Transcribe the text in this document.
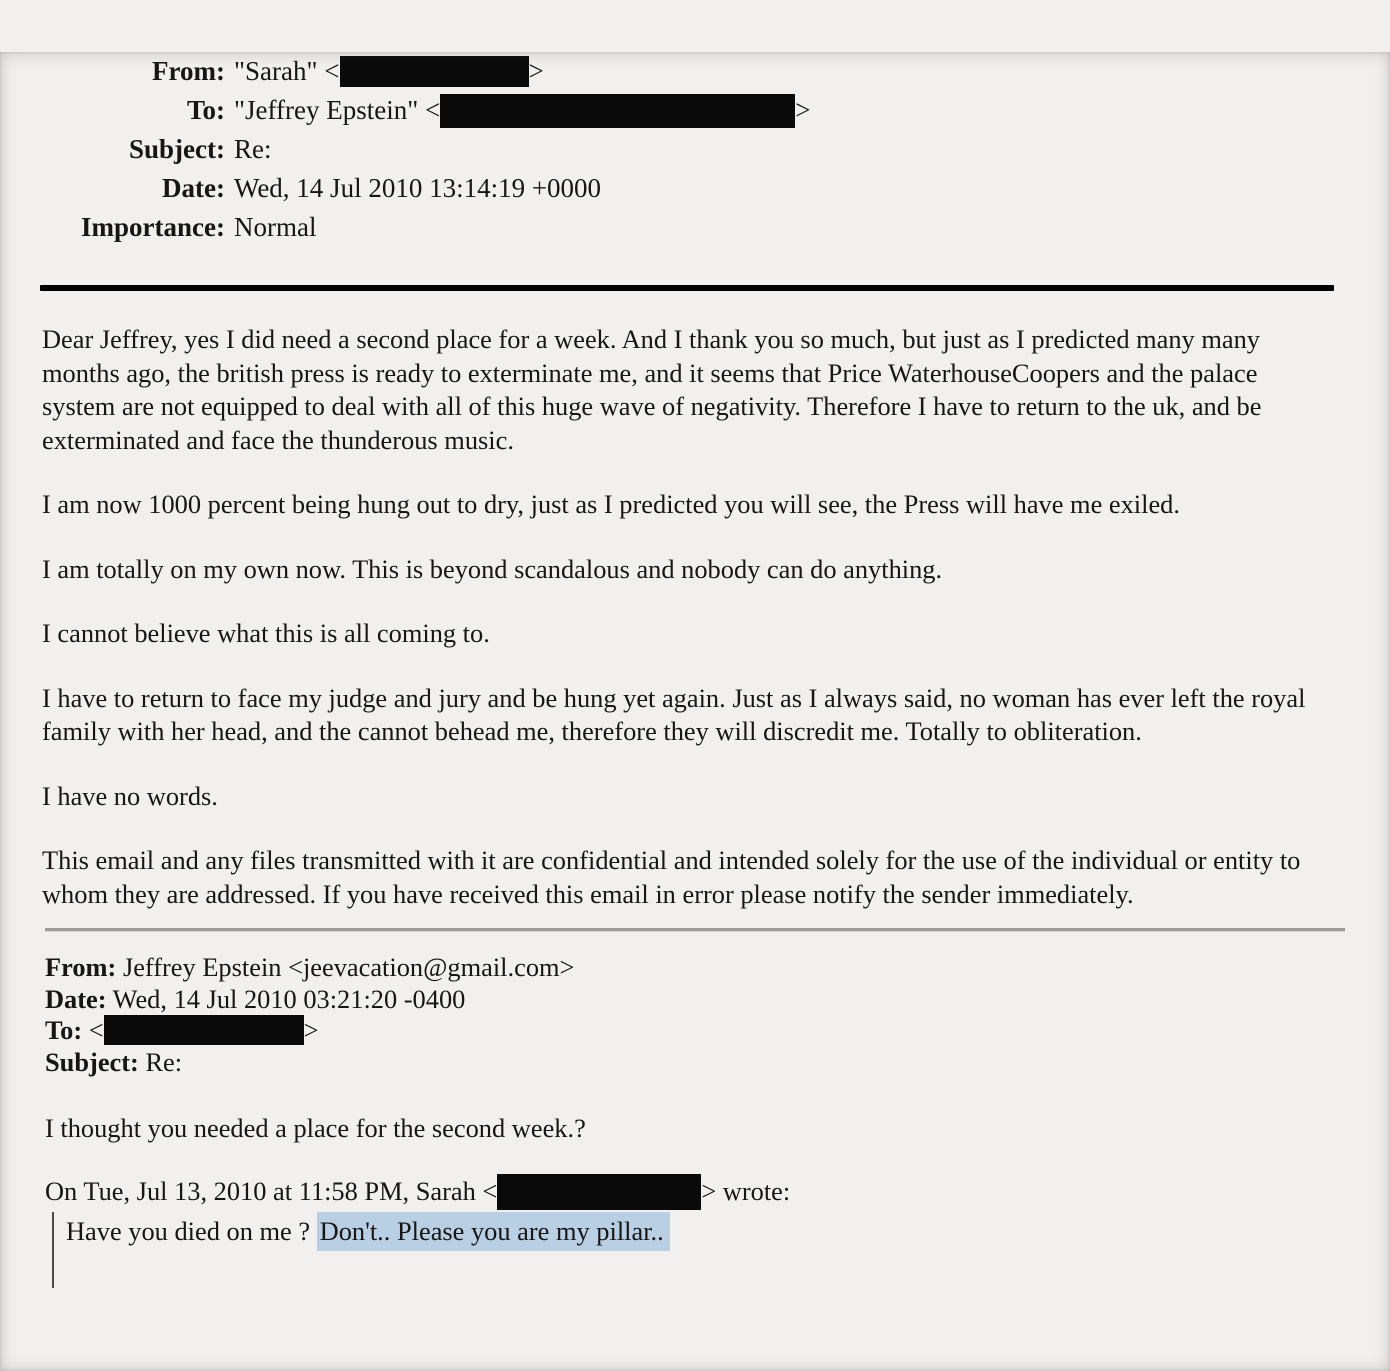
From: "Sarah" <	>
To: "Jeffrey Epstein" <	>
Subject: Re:
Date: Wed, 14 Jul 2010 13:14:19 +0000
Importance: Normal

Dear Jeffrey, yes I did need a second place for a week. And I thank you so much, but just as I predicted many many months ago, the british press is ready to exterminate me, and it seems that Price WaterhouseCoopers and the palace system are not equipped to deal with all of this huge wave of negativity. Therefore I have to return to the uk, and be exterminated and face the thunderous music.

I am now 1000 percent being hung out to dry, just as I predicted you will see, the Press will have me exiled.

I am totally on my own now. This is beyond scandalous and nobody can do anything.

I cannot believe what this is all coming to.

I have to return to face my judge and jury and be hung yet again. Just as I always said, no woman has ever left the royal family with her head, and the cannot behead me, therefore they will discredit me. Totally to obliteration.

I have no words.

This email and any files transmitted with it are confidential and intended solely for the use of the individual or entity to whom they are addressed. If you have received this email in error please notify the sender immediately.

From: Jeffrey Epstein <jeevacation@gmail.com>
Date: Wed, 14 Jul 2010 03:21:20 -0400
To: <	>
Subject: Re:
I thought you needed a place for the second week.?
On Tue, Jul 13, 2010 at 11:58 PM, Sarah <	> wrote:
Have you died on me ? Don't.. Please you are my pillar..
